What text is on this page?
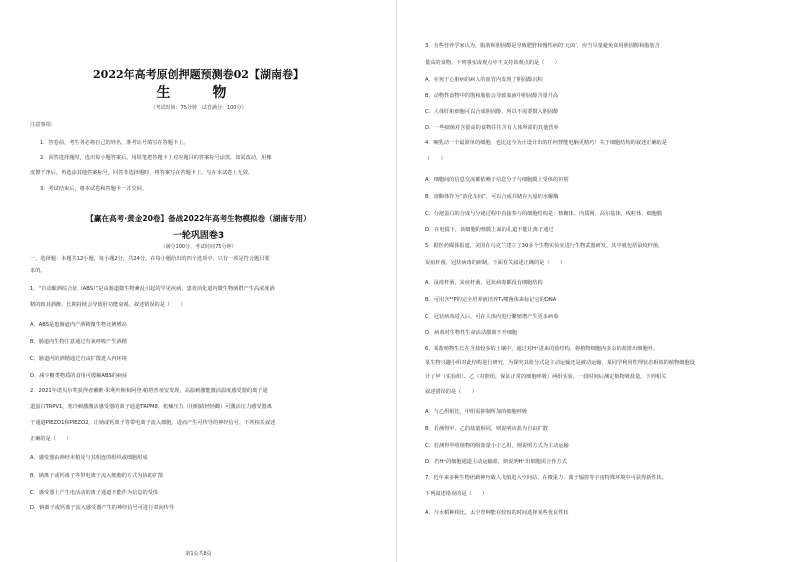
2022年高考原创押题预测卷02【湖南卷】
生　物
（考试时间：75分钟　试卷满分：100分）
注意事项：
1．答卷前，考生务必将自己的姓名、准考证号填写在答题卡上。
2．回答选择题时，选出每小题答案后，用铅笔把答题卡上对应题目的答案标号涂黑。如需改动，用橡
皮擦干净后，再选涂其他答案标号。回答非选择题时，将答案写在答题卡上。写在本试卷上无效。
3．考试结束后，将本试卷和答题卡一并交回。
【赢在高考·黄金20卷】备战2022年高考生物模拟卷（湖南专用）
一轮巩固卷3
（满分100分，考试时间75分钟）
一、选择题：本题共12小题，每小题2分，共24分。在每小题给出的四个选项中，只有一项是符合题目要
求的。
1．“自动酿酒综合征（ABS）”是由肠道微生物紊乱引起的罕见疾病，患者消化道内微生物菌群产生高浓度酒
精的致其酒醉，长期持续会导致肝功能衰竭。叙述错误的是（　　）
A．ABS是患肠道内产酒精微生物比例增高
B．肠道内生物注意通过有氧呼吸产生酒精
C．肠道内的酒精通过自由扩散进入内环境
D．减少糖类物质的食用可缓解ABS的病症
2．2021年诺贝尔奖获得者戴维·朱利叶斯和阿登·帕塔普蒂安发现，高温刺激能激活温度感受器的离子通
道蛋白TRPV1，寒冷刺激激活感受器的离子通道TRPM8，机械压力（用眼睛轻轻戳）可激活压力感受器离
子通道PIEZO1和PIEZO2，让钠或钙离子等带电离子流入细胞，进而产生可传导的神经信号。下列相关叙述
正确的是（　　）
A．感受器由神经末梢及与其相连的组织或细胞组成
B．钠离子或钙离子等带电离子流入细胞的方式为协助扩散
C．感受器上产生电活动的离子通道不能作为信息的受体
D．钠离子或钙离子流入感受器产生的神经信号可进行双向传导
第1页共8页
3．有些营养学家认为，脂肪和胆固醇是导致肥胖和慢性病的‘元凶’，应当尽量避免食用胆固醇和脂肪含
量高的食物。下列事实或观点中不支持该观点的是（　　）
A．在死于心脏病的病人的血管内发现了胆固醇沉积
B．动物性食物中的饱和脂肪会导致血液中胆固醇含量升高
C．人体肝脏细胞可以合成胆固醇，所以不需要摄入胆固醇
D．一些细菌对含量高的食物往往含有人体所需的其他营养
4．哺乳动一个最简单的细胞，也比这今为止设计出的任何智能电脑更精巧！关于细胞结构的叙述正确的是
（　　）
A．细胞间的信息交流都依赖于信息分子与细胞膜上受体的识别
B．溶酶体作为“消化车间”，可以合成并储存大量的水解酶
C．分泌蛋白的合成与分泌过程中直接参与的细胞结构是：核糖体、内质网、高尔基体、线粒体、细胞膜
D．在电镜下，该细胞的核膜上面的孔道不能让离子通过
5．据医药媒体报道，美国在乌克兰建立了30多个生物实验室进行生物武器研发，其中就包括鼠疫杆菌，
炭疽杆菌，冠状病毒的研制。下面有关叙述正确的是（　　）
A．鼠疫杆菌，炭疽杆菌，冠状病毒都没有细胞结构
B．可用含³²P的完全培养液培养T₂噬菌体来标记它的DNA
C．冠状病毒进入后，可在人体内进行繁殖增产生更多病毒
D．病毒对生物性生命活动都离不开细胞
6．某盐植物生长在含盐较多的土壤中，通过对H⁺进来的盐结构，将植物细胞内多余的盐排出细胞外。
某生物兴趣小组对此结构进行研究，为探究其盐分式是主动运输还是被动运输，某同学利用性理状态相似的植物细胞设
计了甲（实验组）、乙（对照组，保证正常的细胞呼吸）两组实验，一段时间后测定植物吸盐量。下列相关
叙述错误的是（　　）
A．与乙组相比，甲组需抑制所加的细胞呼吸
B．若测得甲、乙的盐量相同，则说明该盐为自由扩散
C．若测得甲组植物的吸盐量小于乙组，则说明方式为主动运输
D．若H⁺的细胞通道主动运输盐，则说明H⁺出细胞需合作方式
7．近年来多种生物团载神舟载人飞船进入空间站，在微重力、离子辐射等宇宙特殊环境中可获得新性状。
下列叙述错误的是（　　）
A．与水稻种相比，太空育种能在较短的时间选择某些优良性状
